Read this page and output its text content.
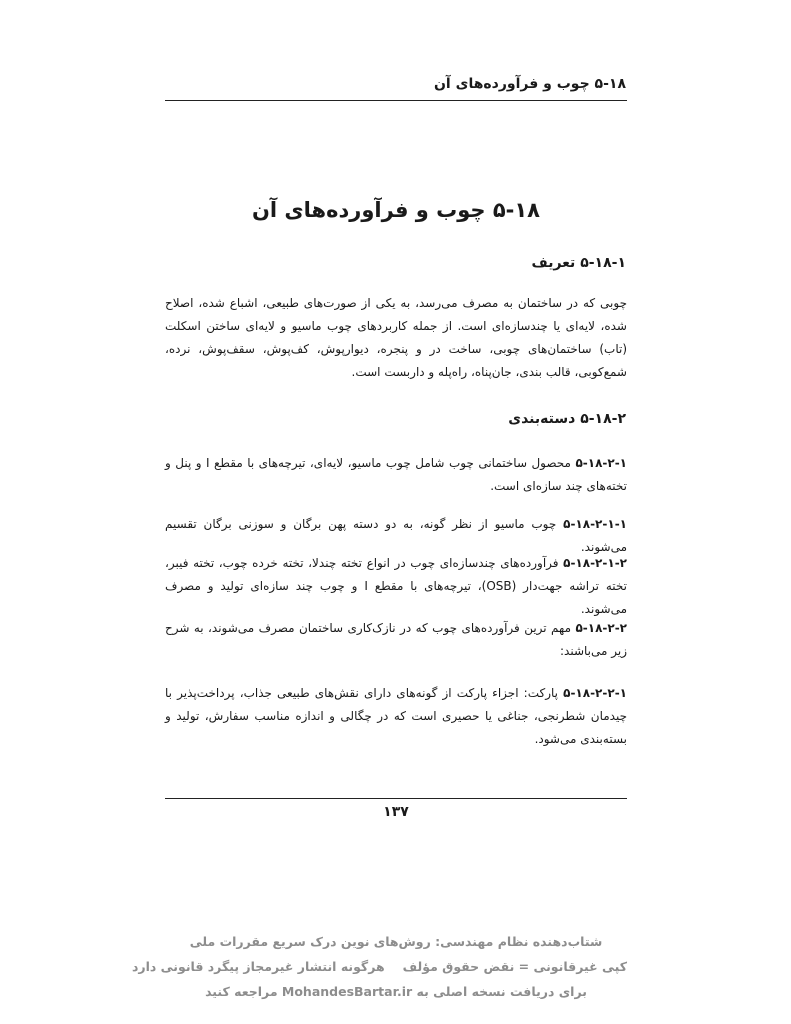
۵-۱۸ چوب و فرآورده‌های آن
۵-۱۸ چوب و فرآورده‌های آن
۵-۱۸-۱ تعریف
چوبی که در ساختمان به مصرف می‌رسد، به یکی از صورت‌های طبیعی، اشباع شده، اصلاح شده، لایه‌ای یا چندسازه‌ای است. از جمله کاربردهای چوب ماسیو و لایه‌ای ساختن اسکلت (تاب) ساختمان‌های چوبی، ساخت در و پنجره، دیوارپوش، کف‌پوش، سقف‌پوش، نرده، شمع‌کوبی، قالب بندی، جان‌پناه، راه‌پله و داربست است.
۵-۱۸-۲ دسته‌بندی
۵-۱۸-۲-۱ محصول ساختمانی چوب شامل چوب ماسیو، لایه‌ای، تیرچه‌های با مقطع I و پنل و تخته‌های چند سازه‌ای است.
۵-۱۸-۲-۱-۱ چوب ماسیو از نظر گونه، به دو دسته پهن برگان و سوزنی برگان تقسیم می‌شوند.
۵-۱۸-۲-۱-۲ فرآورده‌های چندسازه‌ای چوب در انواع تخته چندلا، تخته خرده چوب، تخته فیبر، تخته تراشه جهت‌دار (OSB)، تیرچه‌های با مقطع I و چوب چند سازه‌ای تولید و مصرف می‌شوند.
۵-۱۸-۲-۲ مهم ترین فرآورده‌های چوب که در نازک‌کاری ساختمان مصرف می‌شوند، به شرح زیر می‌باشند:
۵-۱۸-۲-۲-۱ پارکت: اجزاء پارکت از گونه‌های دارای نقش‌های طبیعی جذاب، پرداخت‌پذیر با چیدمان شطرنجی، جناغی یا حصیری است که در چگالی و اندازه مناسب سفارش، تولید و بسته‌بندی می‌شود.
۱۳۷
شتاب‌دهنده نظام مهندسی: روش‌های نوین درک سریع مقررات ملی
کپی غیرقانونی = نقض حقوق مؤلفهرگونه انتشار غیرمجاز پیگرد قانونی دارد
برای دریافت نسخه اصلی به MohandesBartar.ir مراجعه کنید
